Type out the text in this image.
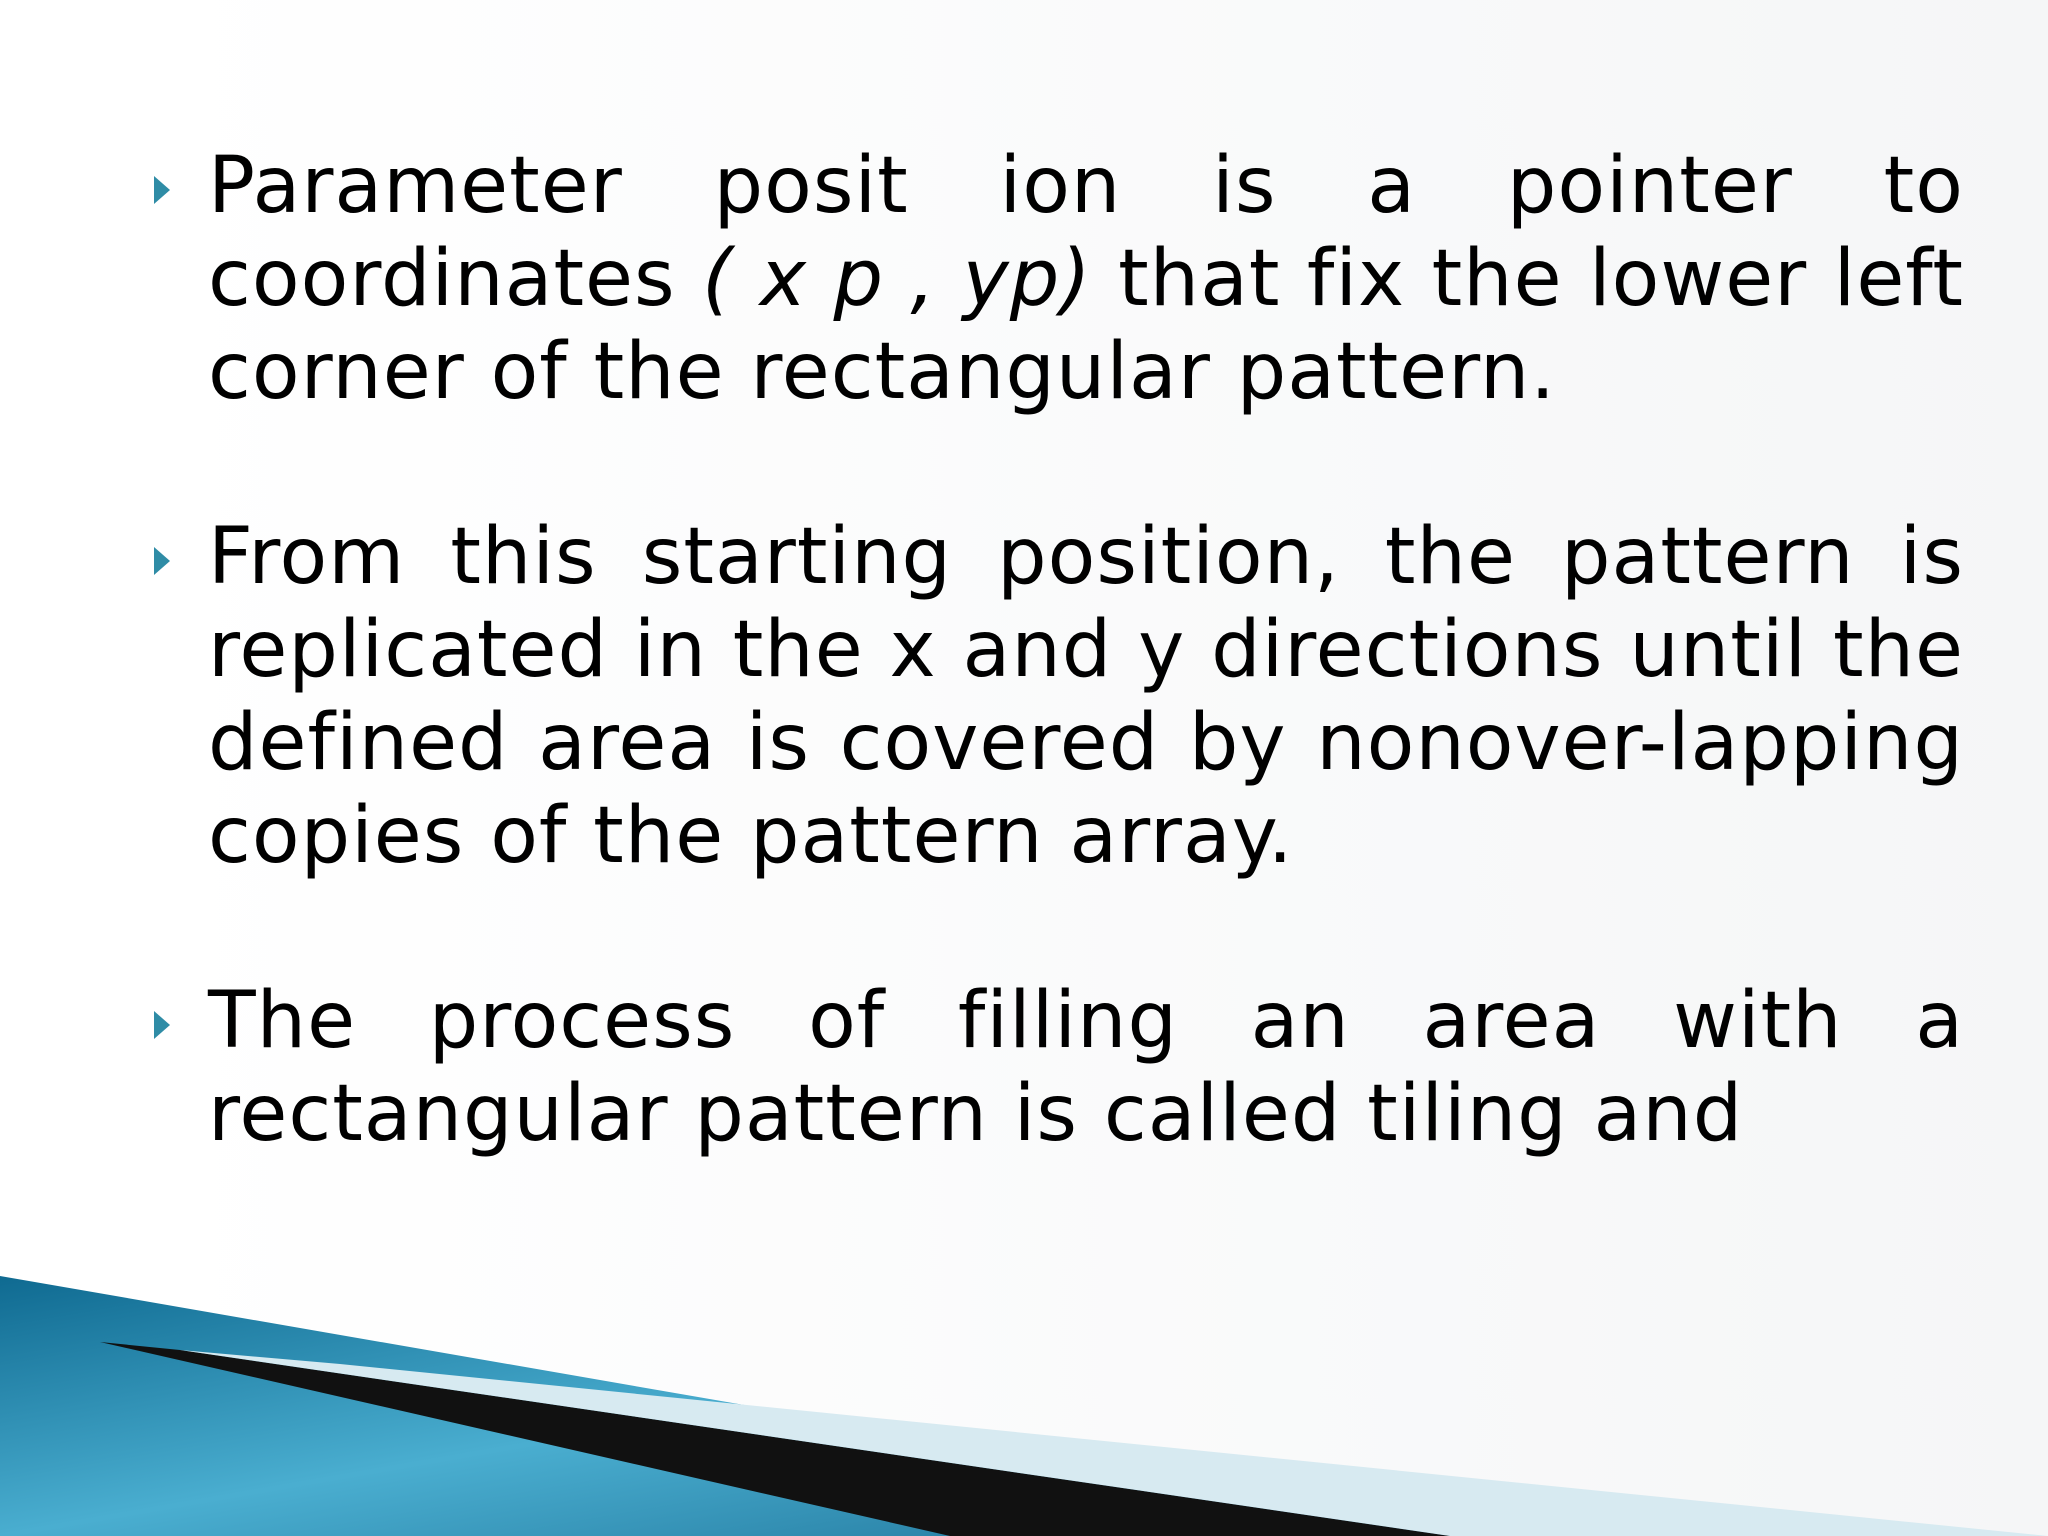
Parameter posit ion is a pointer to coordinates ( x p , yp) that fix the lower left corner of the rectangular pattern.
From this starting position, the pattern is replicated in the x and y directions until the defined area is covered by nonover-lapping copies of the pattern array.
The process of filling an area with a rectangular pattern is called tiling and
